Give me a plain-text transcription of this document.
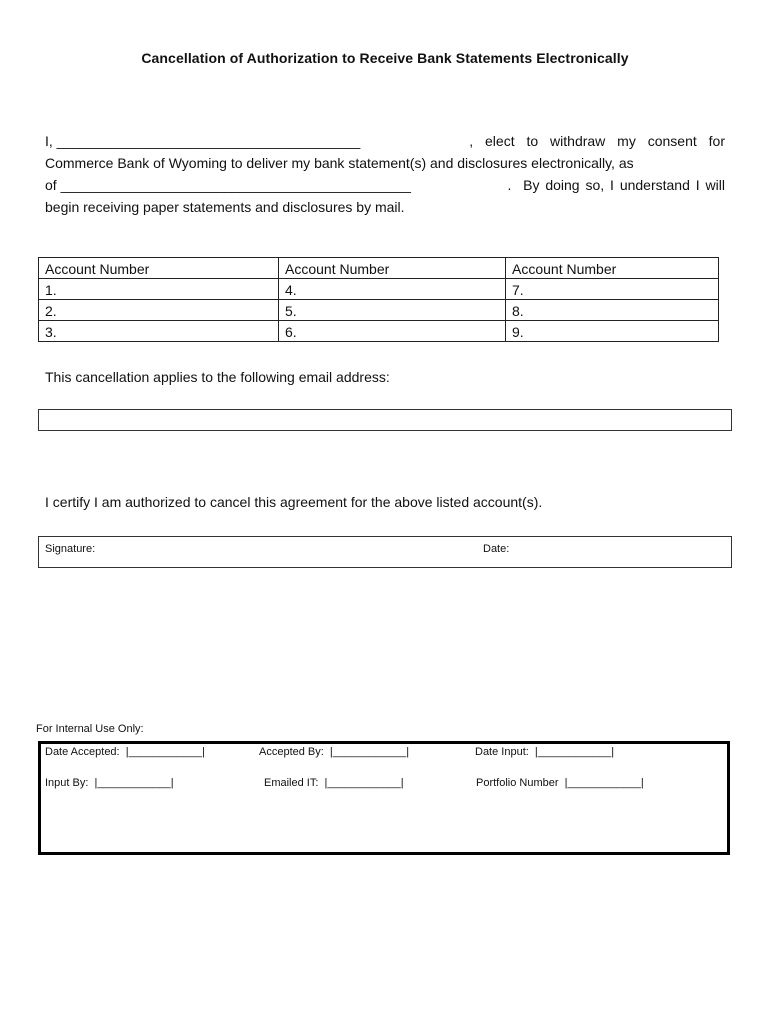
Cancellation of Authorization to Receive Bank Statements Electronically
I, _______________________________________	, elect to withdraw my consent for
Commerce Bank of Wyoming to deliver my bank statement(s) and disclosures electronically, as
of _____________________________________________	.  By doing so, I understand I will
begin receiving paper statements and disclosures by mail.
Account Number	Account Number	Account Number
1.	4.	7.
2.	5.	8.
3.	6.	9.
This cancellation applies to the following email address:
I certify I am authorized to cancel this agreement for the above listed account(s).
Signature:	Date:
For Internal Use Only:
Date Accepted:  |____________|	Accepted By:  |____________|	Date Input:  |____________|
Input By:  |____________|	Emailed IT:  |____________|	Portfolio Number  |____________|
